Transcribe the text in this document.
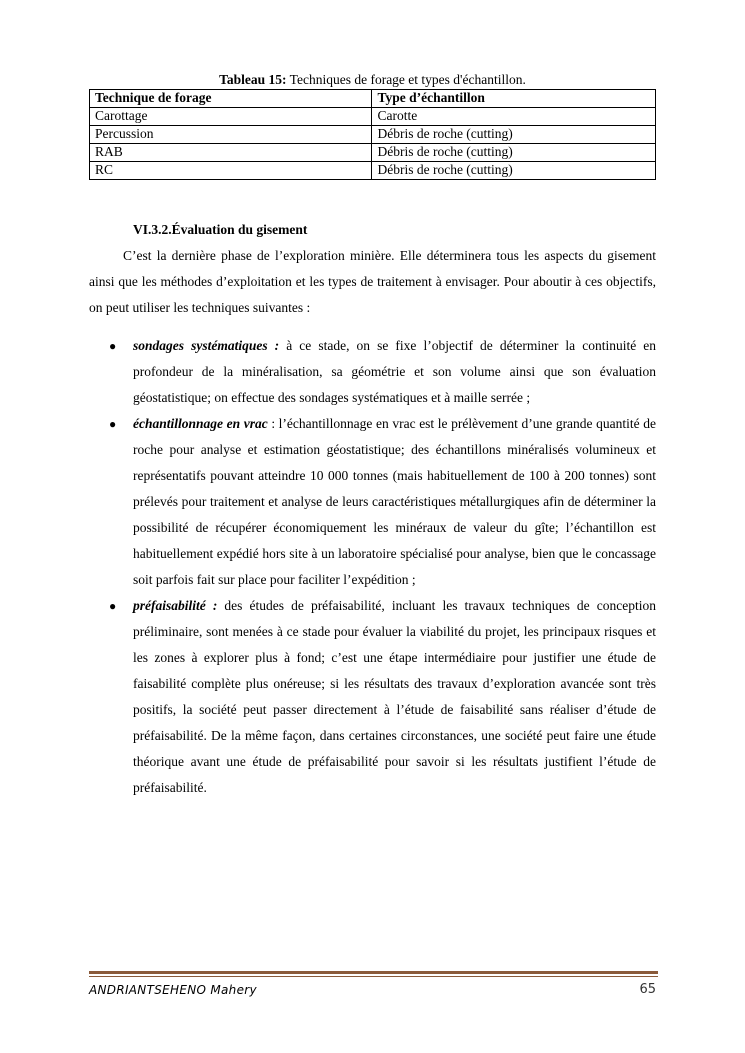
Tableau 15: Techniques de forage et types d'échantillon.
Technique de forage	Type d’échantillon
Carottage	Carotte
Percussion	Débris de roche (cutting)
RAB	Débris de roche (cutting)
RC	Débris de roche (cutting)
VI.3.2.Évaluation du gisement

C’est la dernière phase de l’exploration minière. Elle déterminera tous les aspects du gisement ainsi que les méthodes d’exploitation et les types de traitement à envisager. Pour aboutir à ces objectifs, on peut utiliser les techniques suivantes :

● sondages systématiques : à ce stade, on se fixe l’objectif de déterminer la continuité en profondeur de la minéralisation, sa géométrie et son volume ainsi que son évaluation géostatistique; on effectue des sondages systématiques et à maille serrée ;
● échantillonnage en vrac : l’échantillonnage en vrac est le prélèvement d’une grande quantité de roche pour analyse et estimation géostatistique; des échantillons minéralisés volumineux et représentatifs pouvant atteindre 10 000 tonnes (mais habituellement de 100 à 200 tonnes) sont prélevés pour traitement et analyse de leurs caractéristiques métallurgiques afin de déterminer la possibilité de récupérer économiquement les minéraux de valeur du gîte; l’échantillon est habituellement expédié hors site à un laboratoire spécialisé pour analyse, bien que le concassage soit parfois fait sur place pour faciliter l’expédition ;
● préfaisabilité : des études de préfaisabilité, incluant les travaux techniques de conception préliminaire, sont menées à ce stade pour évaluer la viabilité du projet, les principaux risques et les zones à explorer plus à fond; c’est une étape intermédiaire pour justifier une étude de faisabilité complète plus onéreuse; si les résultats des travaux d’exploration avancée sont très positifs, la société peut passer directement à l’étude de faisabilité sans réaliser d’étude de préfaisabilité. De la même façon, dans certaines circonstances, une société peut faire une étude théorique avant une étude de préfaisabilité pour savoir si les résultats justifient l’étude de préfaisabilité.
ANDRIANTSEHENO Mahery	65
